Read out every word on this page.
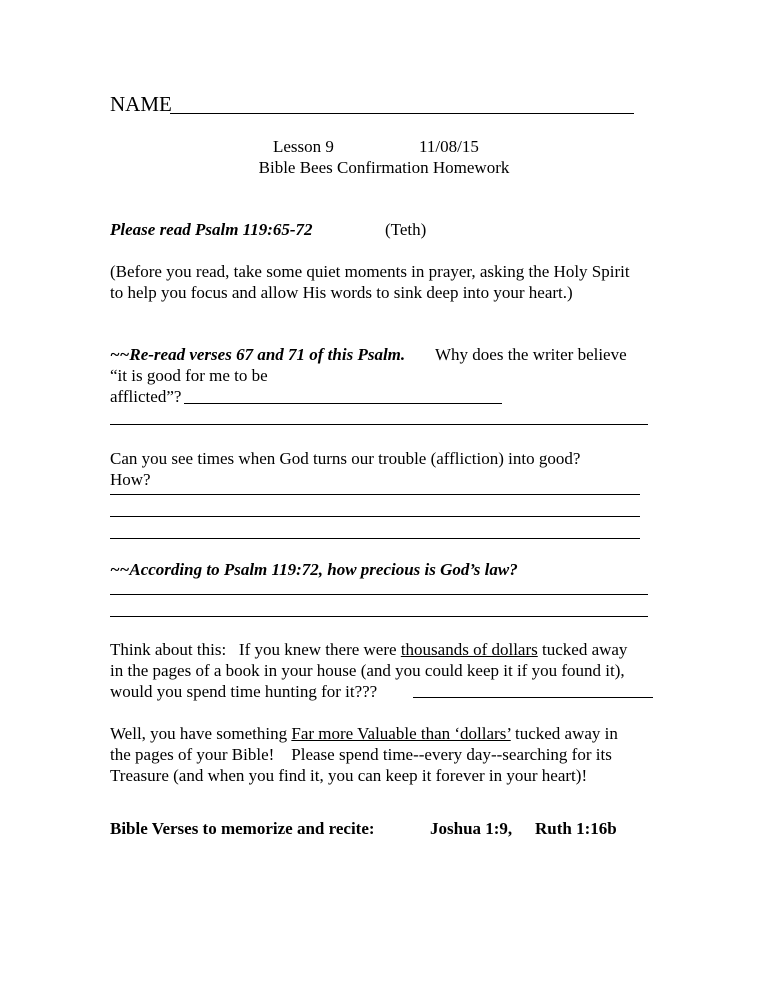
NAME
Lesson 9	11/08/15
Bible Bees Confirmation Homework
Please read Psalm 119:65-72	(Teth)
(Before you read, take some quiet moments in prayer, asking the Holy Spirit
to help you focus and allow His words to sink deep into your heart.)
~~Re-read verses 67 and 71 of this Psalm. Why does the writer believe
“it is good for me to be
afflicted”?
Can you see times when God turns our trouble (affliction) into good?
How?
~~According to Psalm 119:72, how precious is God’s law?
Think about this:   If you knew there were thousands of dollars tucked away
in the pages of a book in your house (and you could keep it if you found it),
would you spend time hunting for it???
Well, you have something Far more Valuable than ‘dollars’ tucked away in
the pages of your Bible!    Please spend time--every day--searching for its
Treasure (and when you find it, you can keep it forever in your heart)!
Bible Verses to memorize and recite:	Joshua 1:9, Ruth 1:16b
